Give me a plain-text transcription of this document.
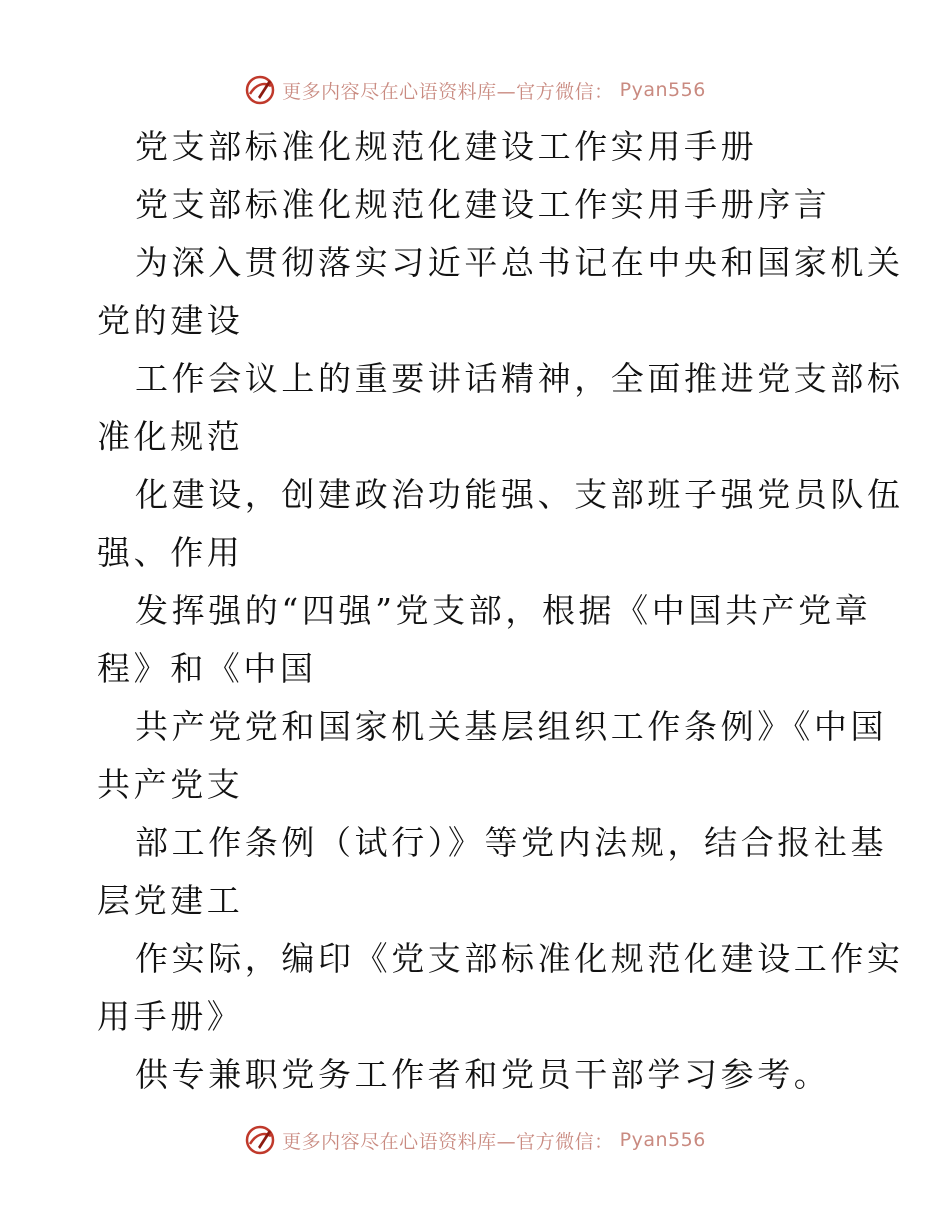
更多内容尽在心语资料库—官方微信： Pyan556
党支部标准化规范化建设工作实用手册
党支部标准化规范化建设工作实用手册序言
为深入贯彻落实习近平总书记在中央和国家机关
党的建设
工作会议上的重要讲话精神，全面推进党支部标
准化规范
化建设，创建政治功能强、支部班子强党员队伍
强、作用
发挥强的“四强”党支部，根据《中国共产党章
程》和《中国
共产党党和国家机关基层组织工作条例》《中国
共产党支
部工作条例（试行）》等党内法规，结合报社基
层党建工
作实际，编印《党支部标准化规范化建设工作实
用手册》
供专兼职党务工作者和党员干部学习参考。
更多内容尽在心语资料库—官方微信： Pyan556
